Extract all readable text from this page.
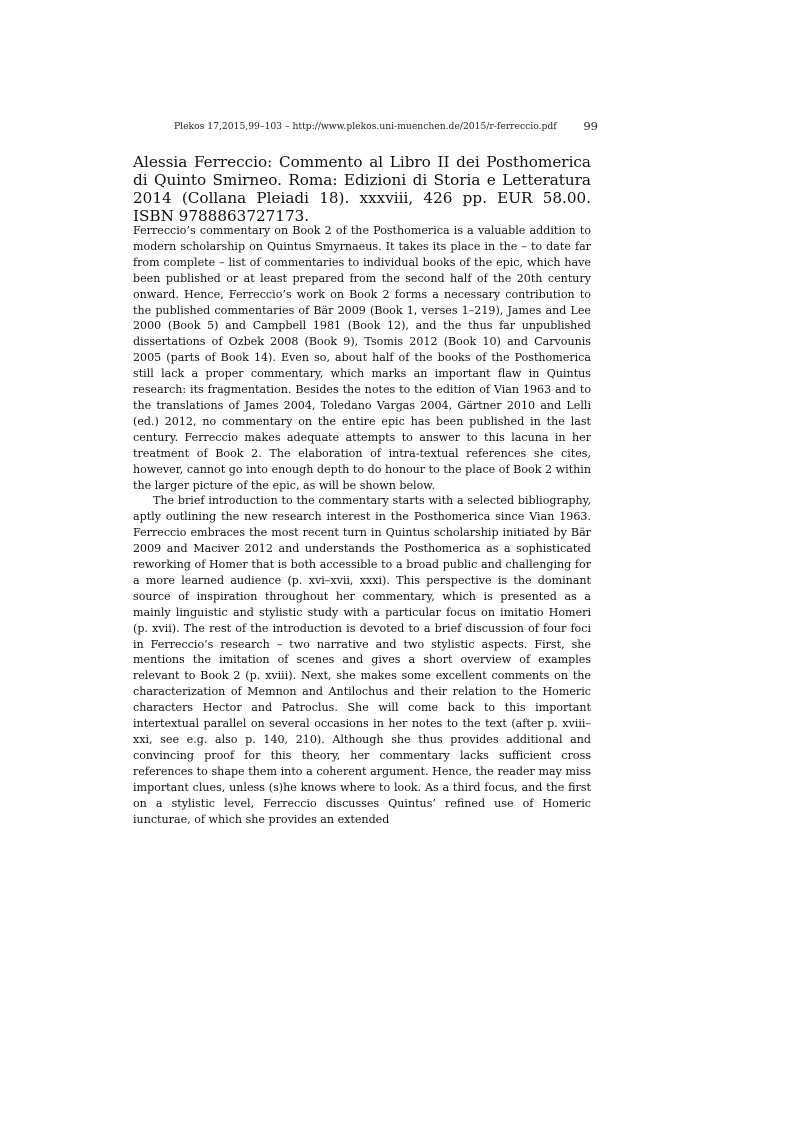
Plekos 17,2015,99–103 – http://www.plekos.uni-muenchen.de/2015/r-ferreccio.pdf	99
Alessia Ferreccio: Commento al Libro II dei Posthomerica di Quinto Smirneo. Roma: Edizioni di Storia e Letteratura 2014 (Collana Pleiadi 18). xxxviii, 426 pp. EUR 58.00. ISBN 9788863727173.

Ferreccio’s commentary on Book 2 of the Posthomerica is a valuable addition to modern scholarship on Quintus Smyrnaeus. It takes its place in the – to date far from complete – list of commentaries to individual books of the epic, which have been published or at least prepared from the second half of the 20th century onward. Hence, Ferreccio’s work on Book 2 forms a necessary contribution to the published commentaries of Bär 2009 (Book 1, verses 1–219), James and Lee 2000 (Book 5) and Campbell 1981 (Book 12), and the thus far unpublished dissertations of Ozbek 2008 (Book 9), Tsomis 2012 (Book 10) and Carvounis 2005 (parts of Book 14). Even so, about half of the books of the Posthomerica still lack a proper commentary, which marks an important flaw in Quintus research: its fragmentation. Besides the notes to the edition of Vian 1963 and to the translations of James 2004, Toledano Vargas 2004, Gärtner 2010 and Lelli (ed.) 2012, no commentary on the entire epic has been published in the last century. Ferreccio makes adequate attempts to answer to this lacuna in her treatment of Book 2. The elaboration of intra-textual references she cites, however, cannot go into enough depth to do honour to the place of Book 2 within the larger picture of the epic, as will be shown below.

The brief introduction to the commentary starts with a selected bibliography, aptly outlining the new research interest in the Posthomerica since Vian 1963. Ferreccio embraces the most recent turn in Quintus scholarship initiated by Bär 2009 and Maciver 2012 and understands the Posthomerica as a sophisticated reworking of Homer that is both accessible to a broad public and challenging for a more learned audience (p. xvi–xvii, xxxi). This perspective is the dominant source of inspiration throughout her commentary, which is presented as a mainly linguistic and stylistic study with a particular focus on imitatio Homeri (p. xvii). The rest of the introduction is devoted to a brief discussion of four foci in Ferreccio’s research – two narrative and two stylistic aspects. First, she mentions the imitation of scenes and gives a short overview of examples relevant to Book 2 (p. xviii). Next, she makes some excellent comments on the characterization of Memnon and Antilochus and their relation to the Homeric characters Hector and Patroclus. She will come back to this important intertextual parallel on several occasions in her notes to the text (after p. xviii–xxi, see e.g. also p. 140, 210). Although she thus provides additional and convincing proof for this theory, her commentary lacks sufficient cross references to shape them into a coherent argument. Hence, the reader may miss important clues, unless (s)he knows where to look. As a third focus, and the first on a stylistic level, Ferreccio discusses Quintus’ refined use of Homeric iuncturae, of which she provides an extended
